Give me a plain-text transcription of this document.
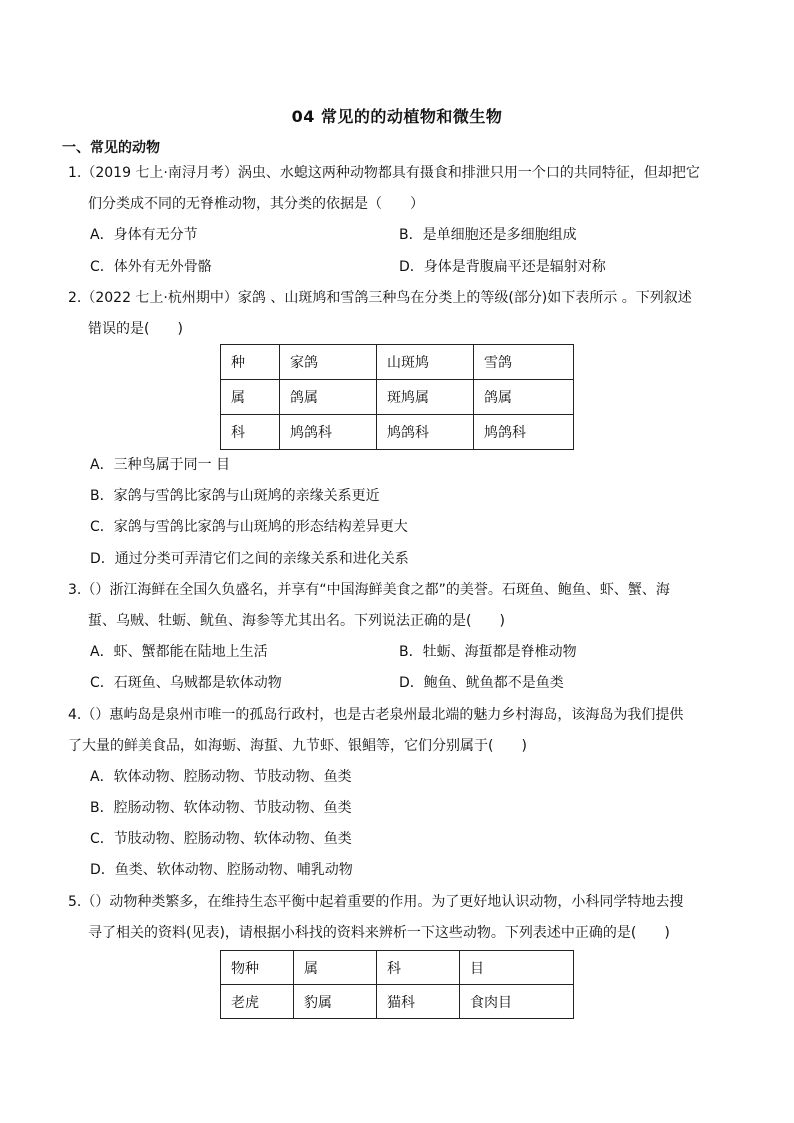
04 常见的的动植物和微生物
一、常见的动物
1.（2019 七上·南浔月考）涡虫、水螅这两种动物都具有摄食和排泄只用一个口的共同特征，但却把它
们分类成不同的无脊椎动物，其分类的依据是（　　）
A．身体有无分节	B．是单细胞还是多细胞组成
C．体外有无外骨骼	D．身体是背腹扁平还是辐射对称
2.（2022 七上·杭州期中）家鸽 、山斑鸠和雪鸽三种鸟在分类上的等级(部分)如下表所示 。下列叙述
错误的是(　　)
种	家鸽	山斑鸠	雪鸽
属	鸽属	斑鸠属	鸽属
科	鸠鸽科	鸠鸽科	鸠鸽科
A．三种鸟属于同一 目
B．家鸽与雪鸽比家鸽与山斑鸠的亲缘关系更近
C．家鸽与雪鸽比家鸽与山斑鸠的形态结构差异更大
D．通过分类可弄清它们之间的亲缘关系和进化关系
3.（）浙江海鲜在全国久负盛名，并享有“中国海鲜美食之都”的美誉。石斑鱼、鲍鱼、虾、蟹、海
蜇、乌贼、牡蛎、鱿鱼、海参等尤其出名。下列说法正确的是(　　)
A．虾、蟹都能在陆地上生活	B．牡蛎、海蜇都是脊椎动物
C．石斑鱼、乌贼都是软体动物	D．鲍鱼、鱿鱼都不是鱼类
4.（）惠屿岛是泉州市唯一的孤岛行政村，也是古老泉州最北端的魅力乡村海岛，该海岛为我们提供
了大量的鲜美食品，如海蛎、海蜇、九节虾、银鲳等，它们分别属于(　　)
A．软体动物、腔肠动物、节肢动物、鱼类
B．腔肠动物、软体动物、节肢动物、鱼类
C．节肢动物、腔肠动物、软体动物、鱼类
D．鱼类、软体动物、腔肠动物、哺乳动物
5.（）动物种类繁多，在维持生态平衡中起着重要的作用。为了更好地认识动物，小科同学特地去搜
寻了相关的资料(见表)，请根据小科找的资料来辨析一下这些动物。下列表述中正确的是(　　)
物种	属	科	目
老虎	豹属	猫科	食肉目
